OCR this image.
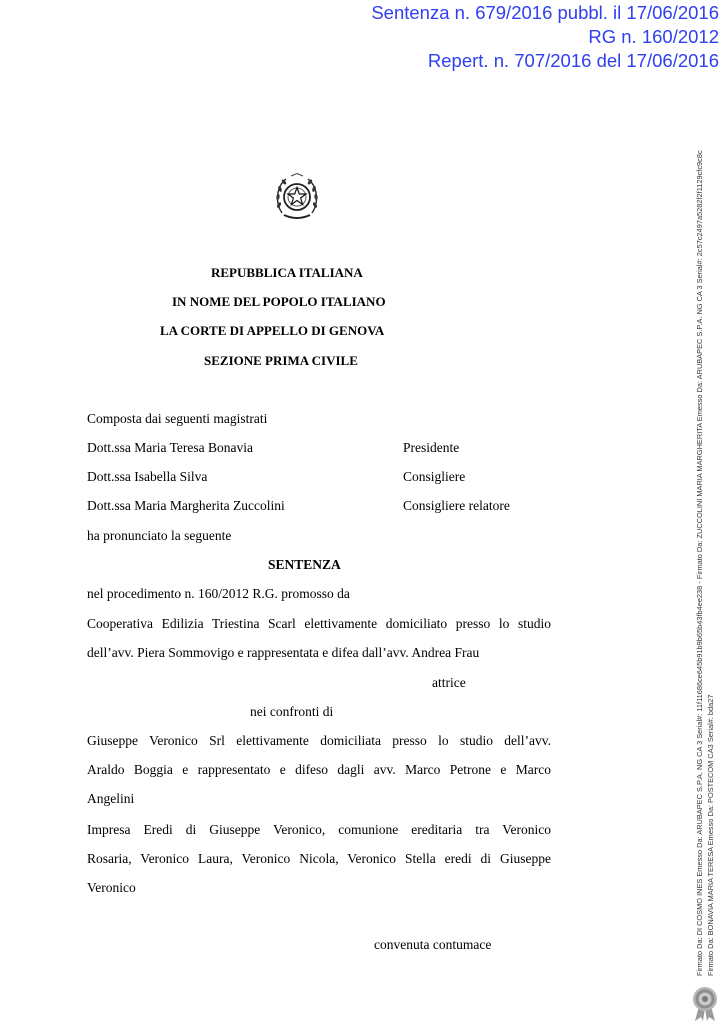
Sentenza n. 679/2016 pubbl. il 17/06/2016
RG n. 160/2012
Repert. n. 707/2016 del 17/06/2016
REPUBBLICA ITALIANA
IN NOME DEL POPOLO ITALIANO
LA CORTE DI APPELLO DI GENOVA
SEZIONE PRIMA CIVILE
Composta dai seguenti magistrati
Dott.ssa Maria Teresa Bonavia	Presidente
Dott.ssa Isabella Silva	Consigliere
Dott.ssa Maria Margherita Zuccolini	Consigliere relatore
ha pronunciato la seguente
SENTENZA
nel procedimento n. 160/2012 R.G. promosso da
Cooperativa Edilizia Triestina Scarl elettivamente domiciliato presso lo studio
dell’avv. Piera Sommovigo e rappresentata e difea dall’avv. Andrea Frau
attrice
nei confronti di
Giuseppe Veronico Srl elettivamente domiciliata presso lo studio dell’avv.
Araldo Boggia e rappresentato e difeso dagli avv. Marco Petrone e Marco
Angelini
Impresa Eredi di Giuseppe Veronico, comunione ereditaria tra Veronico
Rosaria, Veronico Laura, Veronico Nicola, Veronico Stella eredi di Giuseppe
Veronico
convenuta contumace	Firmato Da: DI COSMO INES Emesso Da: ARUBAPEC S.P.A. NG CA 3 Serial#: 11f11686ce645b91b9b65b43fb4ee238 - Firmato Da: ZUCCOLINI MARIA MARGHERITA Emesso Da: ARUBAPEC S.P.A. NG CA 3 Serial#: 2c57c2497a5282f2f1129cfc9c8c Firmato Da: BONAVIA MARIA TERESA Emesso Da: POSTECOM CA3 Serial#: bda27
